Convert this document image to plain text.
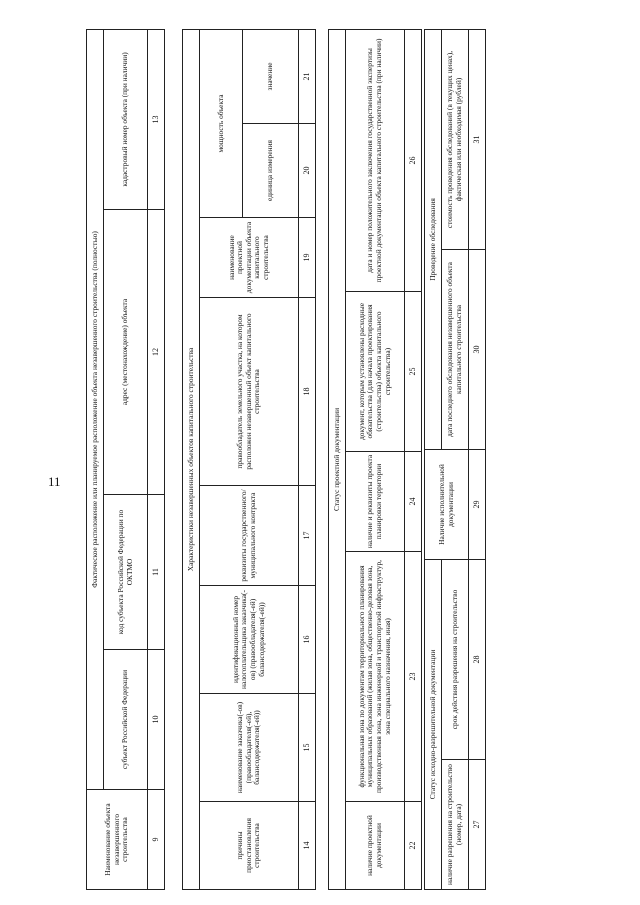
11
Наименование объекта незавершенного строительства	Фактическое расположение или планируемое расположение объекта незавершенного строительства (полностью)			
	субъект Российской Федерации	код субъекта Российской Федерации по ОКТМО	адрес (местонахождение) объекта	кадастровый номер объекта (при наличии)
9	10	11	12	13
Характеристики незавершенных объектов капитального строительства							
причины приостановления строительства	наименование заказчика(-ов) (правообладателя(-ей), балансодержателя(-ей))	идентификационный номер налогоплательщика заказчика(-ов) (правообладателя(-ей) балансодержателя(-ей))	реквизиты государственного/муниципального контракта	правообладатель земельного участка, на котором расположен незавершенный объект капитального строительства	наименование проектной документации объекта капитального строительства	мощность объекта	
						единица измерения	значение
14	15	16	17	18	19	20	21
Статус проектной документации				
наличие проектной документации	функциональная зона по документам территориального планирования муниципальных образований (жилая зона, общественно-деловая зона, производственная зона, зона инженерной и транспортной инфраструктур, зона специального назначения, иная)	наличие и реквизиты проекта планировки территории	документ, которым установлены расходные обязательства (для начала проектирования (строительства) объекта капитального строительства)	дата и номер положительного заключения государственной экспертизы проектной документации объекта капитального строительства (при наличии)
22	23	24	25	26
Статус исходно-разрешительной документации		Наличие исполнительной документации	Проведение обследования	
наличие разрешения на строительство (номер, дата)	срок действия разрешения на строительство		дата последнего обследования незавершенного объекта капитального строительства	стоимость проведения обследований (в текущих ценах), фактическая или необходимая (рублей)
27	28	29	30	31
